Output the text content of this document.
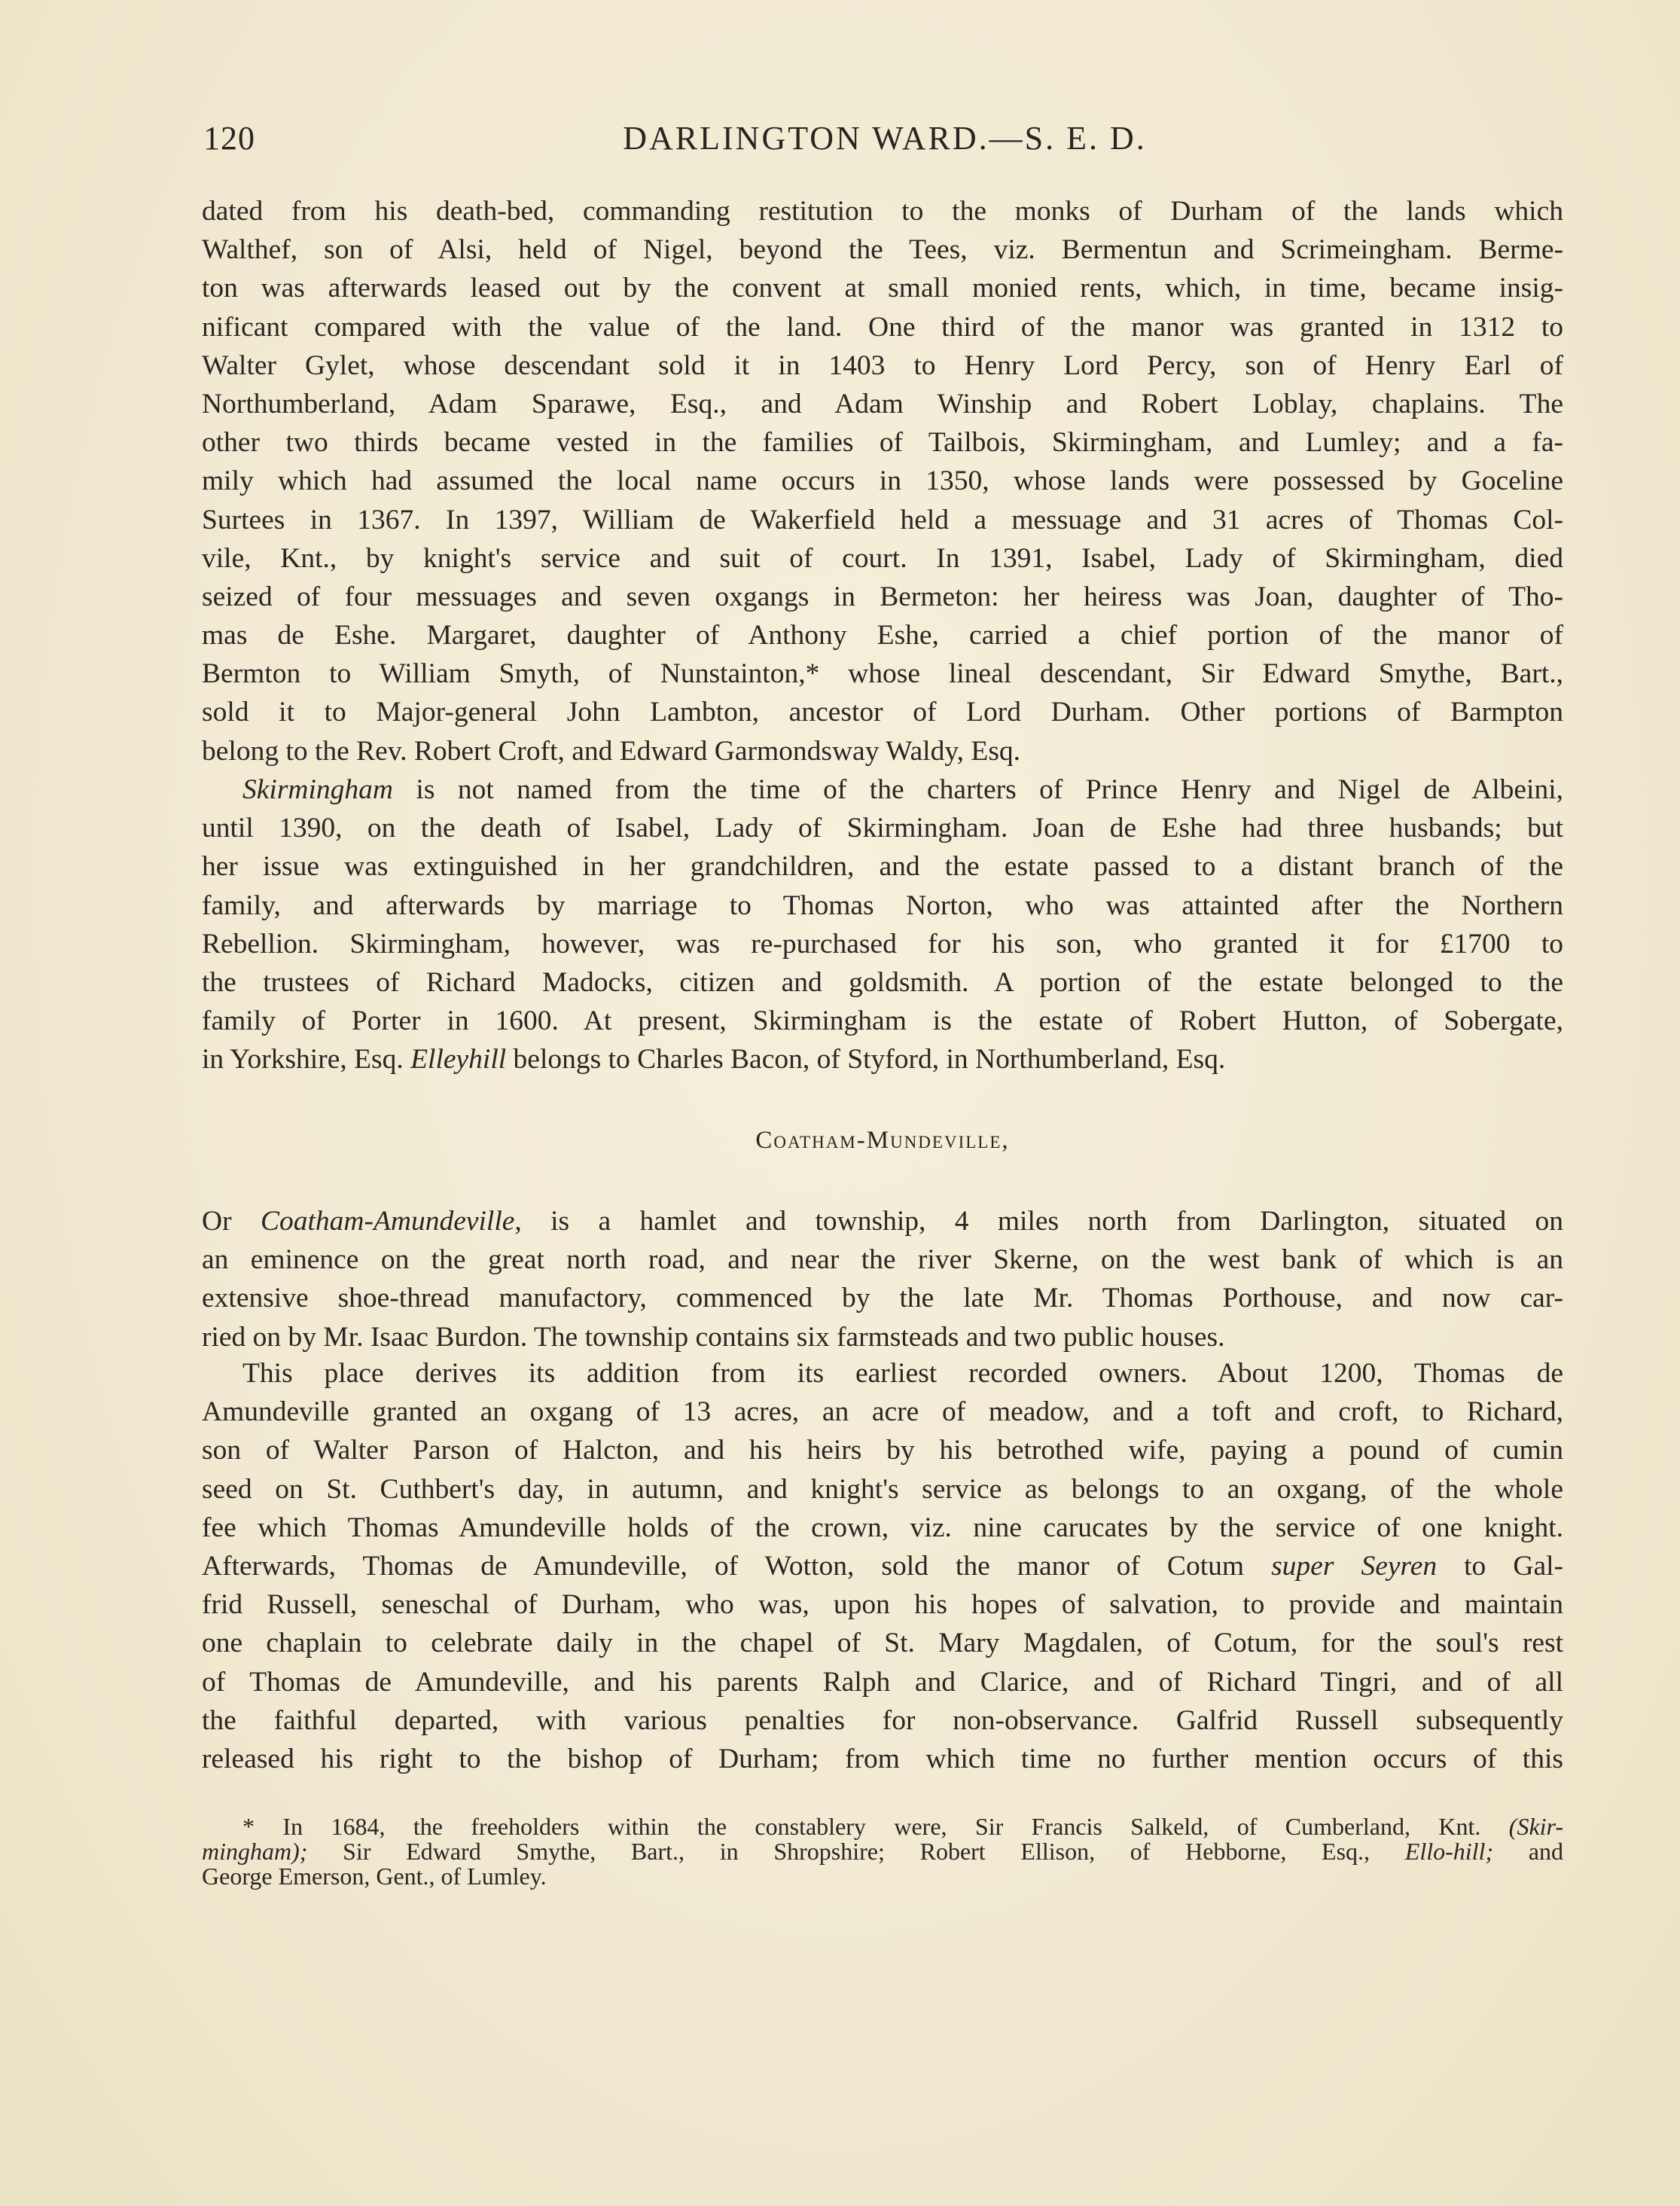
120	DARLINGTON WARD.—S. E. D.
dated from his death-bed, commanding restitution to the monks of Durham of the lands which
Walthef, son of Alsi, held of Nigel, beyond the Tees, viz. Bermentun and Scrimeingham. Berme-
ton was afterwards leased out by the convent at small monied rents, which, in time, became insig-
nificant compared with the value of the land. One third of the manor was granted in 1312 to
Walter Gylet, whose descendant sold it in 1403 to Henry Lord Percy, son of Henry Earl of
Northumberland, Adam Sparawe, Esq., and Adam Winship and Robert Loblay, chaplains. The
other two thirds became vested in the families of Tailbois, Skirmingham, and Lumley; and a fa-
mily which had assumed the local name occurs in 1350, whose lands were possessed by Goceline
Surtees in 1367. In 1397, William de Wakerfield held a messuage and 31 acres of Thomas Col-
vile, Knt., by knight's service and suit of court. In 1391, Isabel, Lady of Skirmingham, died
seized of four messuages and seven oxgangs in Bermeton: her heiress was Joan, daughter of Tho-
mas de Eshe. Margaret, daughter of Anthony Eshe, carried a chief portion of the manor of
Bermton to William Smyth, of Nunstainton,* whose lineal descendant, Sir Edward Smythe, Bart.,
sold it to Major-general John Lambton, ancestor of Lord Durham. Other portions of Barmpton
belong to the Rev. Robert Croft, and Edward Garmondsway Waldy, Esq.
Skirmingham is not named from the time of the charters of Prince Henry and Nigel de Albeini,
until 1390, on the death of Isabel, Lady of Skirmingham. Joan de Eshe had three husbands; but
her issue was extinguished in her grandchildren, and the estate passed to a distant branch of the
family, and afterwards by marriage to Thomas Norton, who was attainted after the Northern
Rebellion. Skirmingham, however, was re-purchased for his son, who granted it for £1700 to
the trustees of Richard Madocks, citizen and goldsmith. A portion of the estate belonged to the
family of Porter in 1600. At present, Skirmingham is the estate of Robert Hutton, of Sobergate,
in Yorkshire, Esq. Elleyhill belongs to Charles Bacon, of Styford, in Northumberland, Esq.
Coatham-Mundeville,
Or Coatham-Amundeville, is a hamlet and township, 4 miles north from Darlington, situated on
an eminence on the great north road, and near the river Skerne, on the west bank of which is an
extensive shoe-thread manufactory, commenced by the late Mr. Thomas Porthouse, and now car-
ried on by Mr. Isaac Burdon. The township contains six farmsteads and two public houses.
This place derives its addition from its earliest recorded owners. About 1200, Thomas de
Amundeville granted an oxgang of 13 acres, an acre of meadow, and a toft and croft, to Richard,
son of Walter Parson of Halcton, and his heirs by his betrothed wife, paying a pound of cumin
seed on St. Cuthbert's day, in autumn, and knight's service as belongs to an oxgang, of the whole
fee which Thomas Amundeville holds of the crown, viz. nine carucates by the service of one knight.
Afterwards, Thomas de Amundeville, of Wotton, sold the manor of Cotum super Seyren to Gal-
frid Russell, seneschal of Durham, who was, upon his hopes of salvation, to provide and maintain
one chaplain to celebrate daily in the chapel of St. Mary Magdalen, of Cotum, for the soul's rest
of Thomas de Amundeville, and his parents Ralph and Clarice, and of Richard Tingri, and of all
the faithful departed, with various penalties for non-observance. Galfrid Russell subsequently
released his right to the bishop of Durham; from which time no further mention occurs of this
* In 1684, the freeholders within the constablery were, Sir Francis Salkeld, of Cumberland, Knt. (Skir-
mingham); Sir Edward Smythe, Bart., in Shropshire; Robert Ellison, of Hebborne, Esq., Ello-hill; and
George Emerson, Gent., of Lumley.
